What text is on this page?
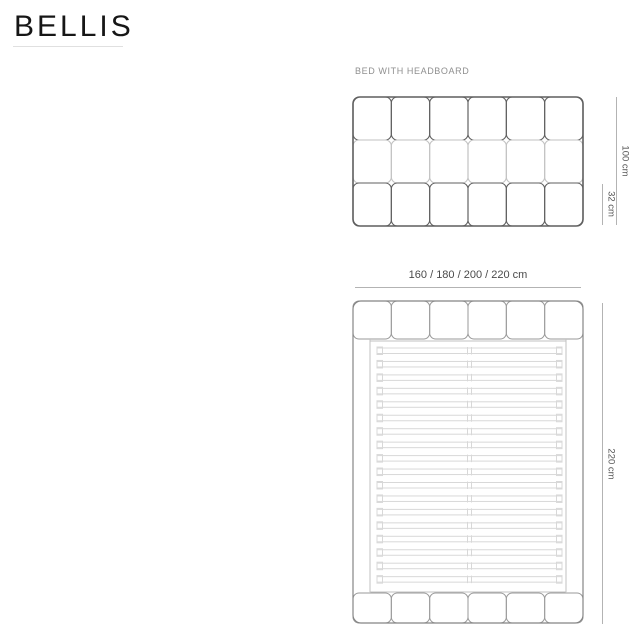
BELLIS
BED WITH HEADBOARD
100 cm
32 cm
160 / 180 / 200 / 220 cm
220 cm
